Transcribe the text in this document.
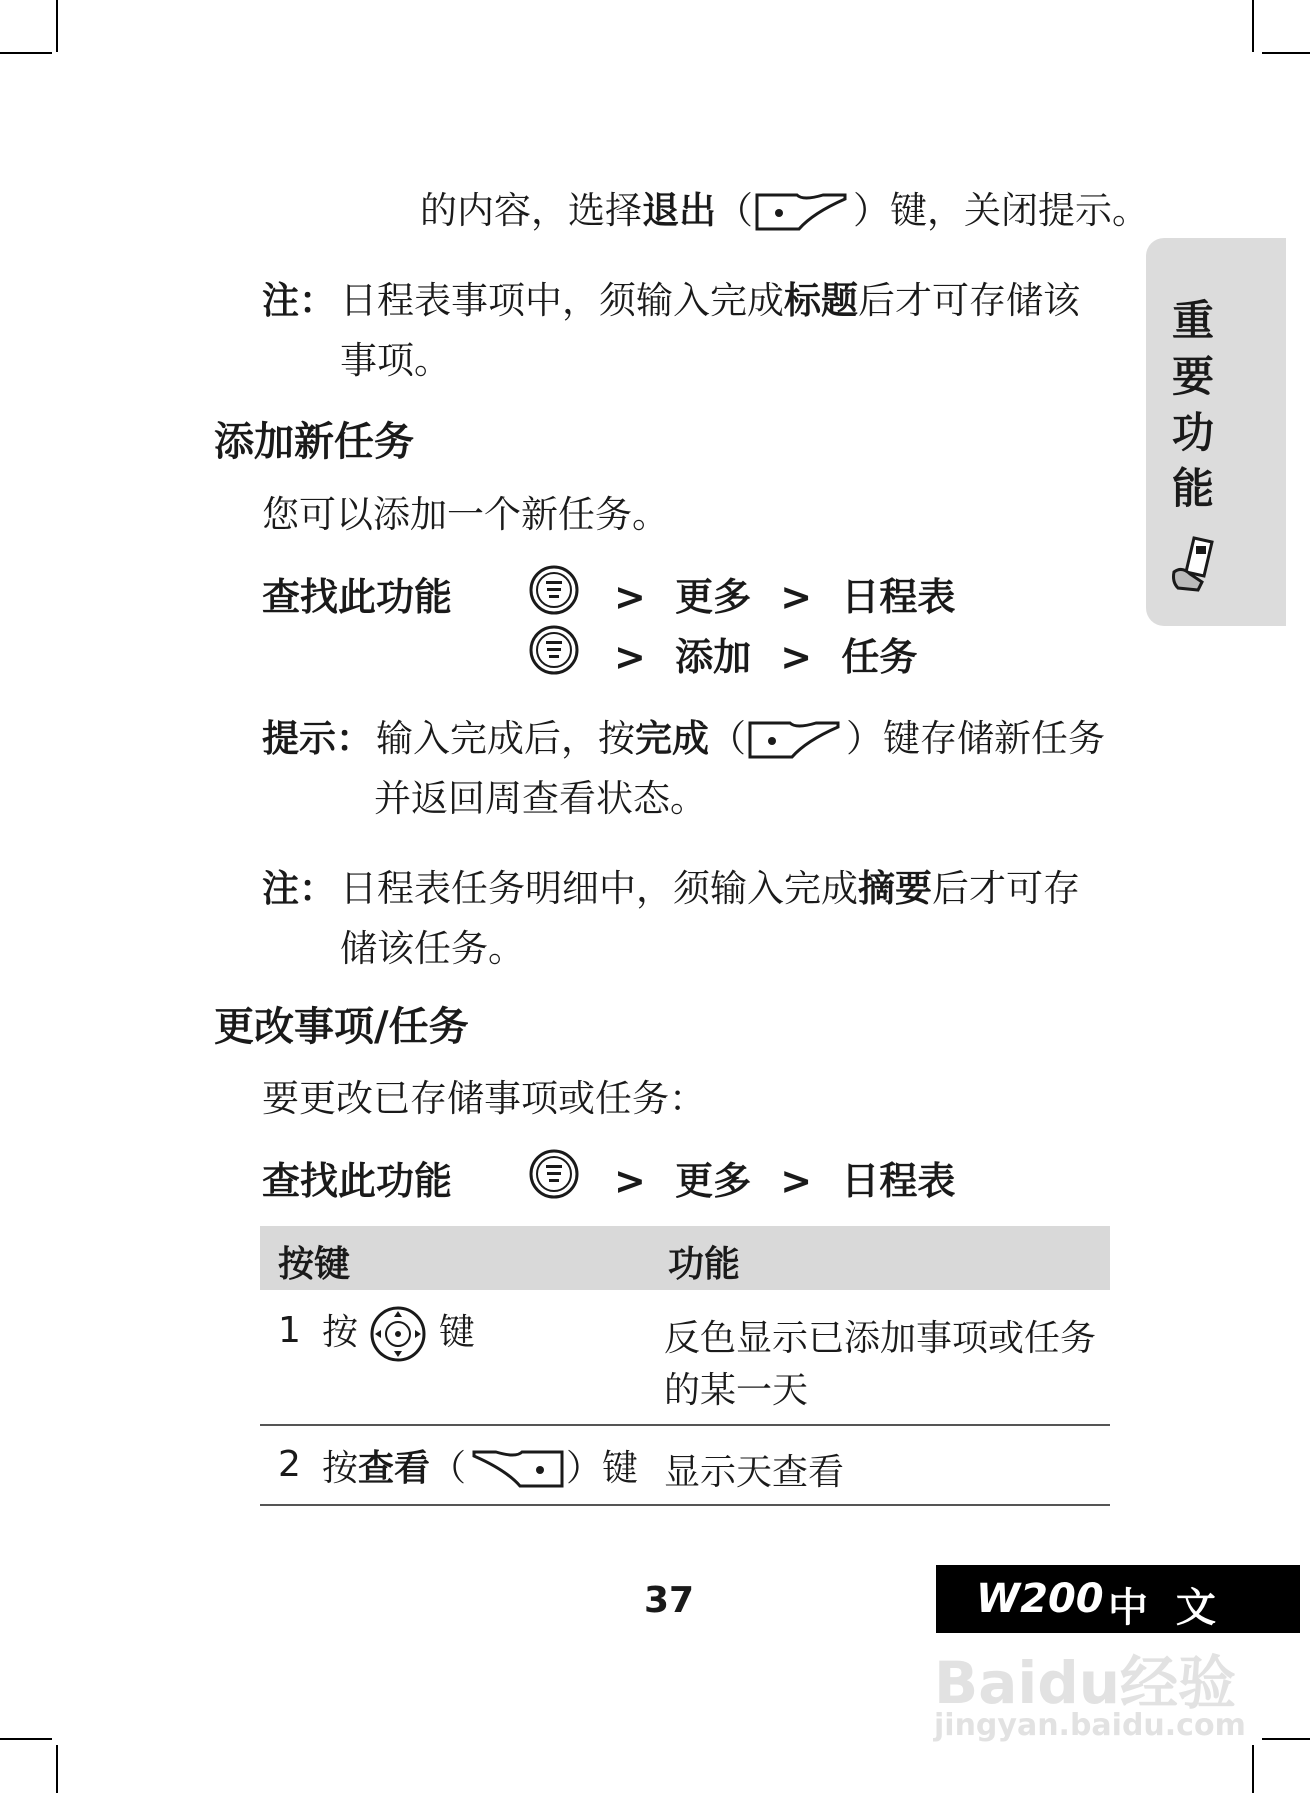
的内容，选择退出（	）键，关闭提示。
注： 日程表事项中，须输入完成标题后才可存储该
事项。
添加新任务
您可以添加一个新任务。
查找此功能	> 更多 > 日程表
> 添加 > 任务
提示： 输入完成后，按完成（	）键存储新任务
并返回周查看状态。
注： 日程表任务明细中，须输入完成摘要后才可存
储该任务。
更改事项/任务
要更改已存储事项或任务：
查找此功能	> 更多 > 日程表
按键	功能
1 按 键	反色显示已添加事项或任务
的某一天
2 按查看（	）键 显示天查看
重
要
功
能
37	W200 中 文
Baidu经验
jingyan.baidu.com
